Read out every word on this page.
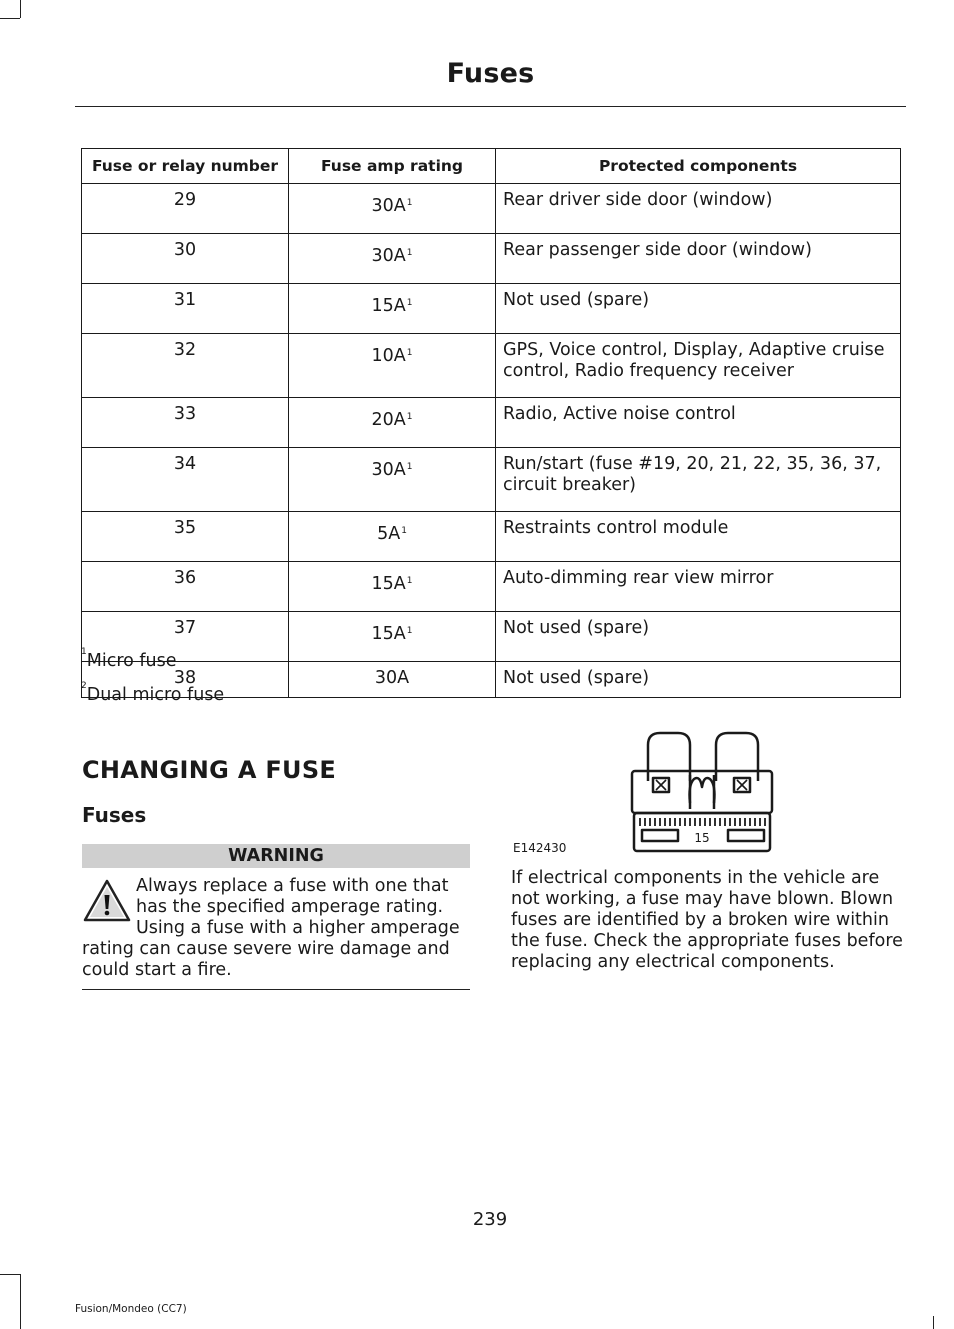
Fuses
Fuse or relay number	Fuse amp rating	Protected components
29	$30A^1$	Rear driver side door (window)
30	$30A^1$	Rear passenger side door (window)
31	$15A^1$	Not used (spare)
32	$10A^1$	GPS, Voice control, Display, Adaptive cruise control, Radio frequency receiver
33	$20A^1$	Radio, Active noise control
34	$30A^1$	Run/start (fuse #19, 20, 21, 22, 35, 36, 37, circuit breaker)
35	$5A^1$	Restraints control module
36	$15A^1$	Auto-dimming rear view mirror
37	$15A^1$	Not used (spare)
38	30A	Not used (spare)
$^1$Micro fuse
$^2$Dual micro fuse
CHANGING A FUSE
Fuses
WARNING
Always replace a fuse with one that has the specified amperage rating. Using a fuse with a higher amperage rating can cause severe wire damage and could start a fire.
15
E142430
If electrical components in the vehicle are not working, a fuse may have blown. Blown fuses are identified by a broken wire within the fuse. Check the appropriate fuses before replacing any electrical components.
239
Fusion/Mondeo (CC7)
